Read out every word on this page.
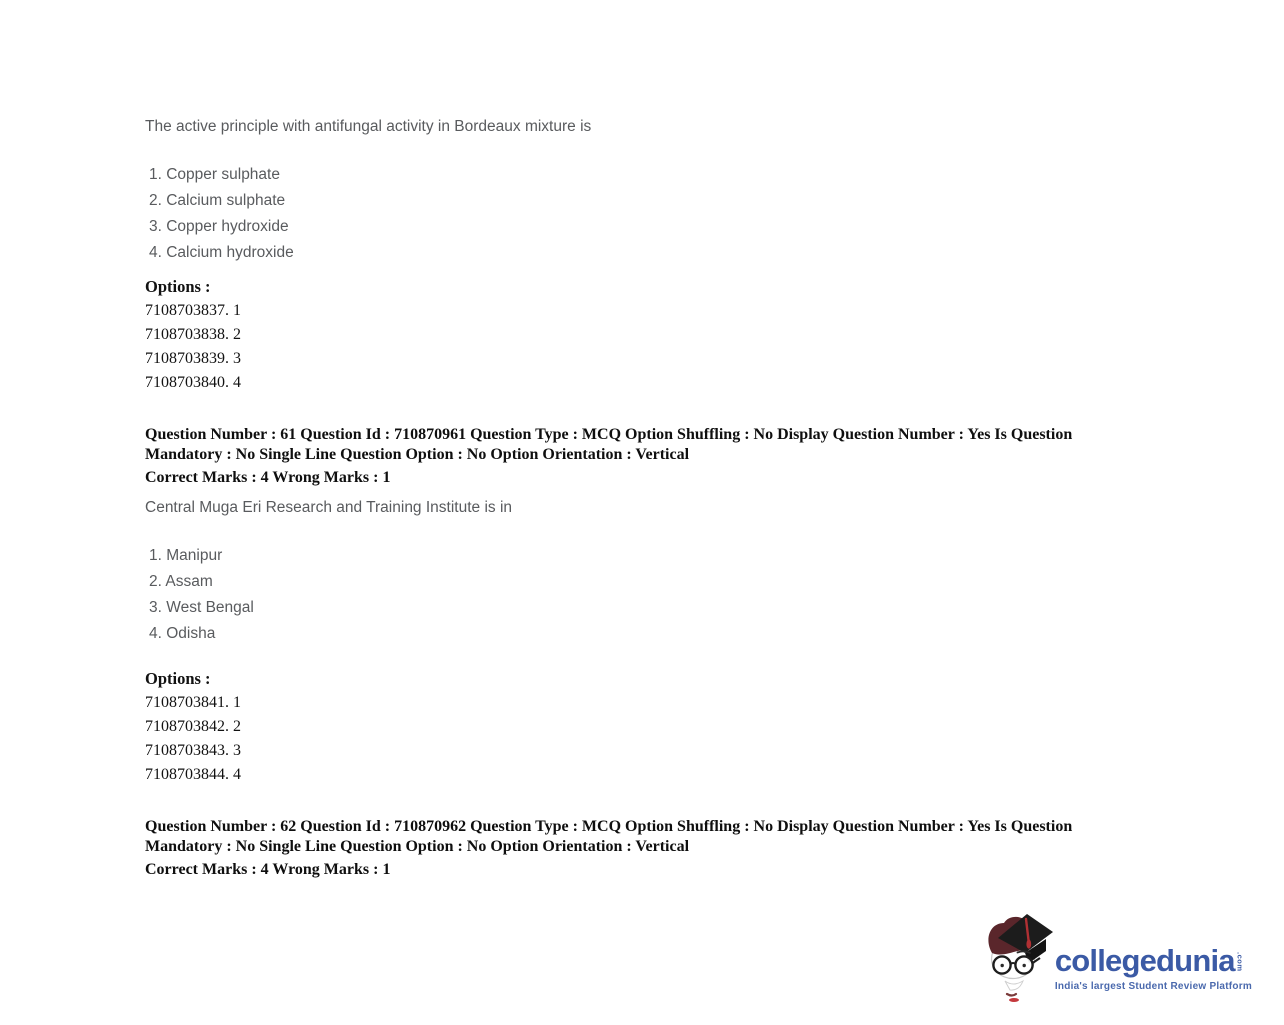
The active principle with antifungal activity in Bordeaux mixture is

1. Copper sulphate
2. Calcium sulphate
3. Copper hydroxide
4. Calcium hydroxide

Options :

7108703837. 1
7108703838. 2
7108703839. 3
7108703840. 4
Question Number : 61 Question Id : 710870961 Question Type : MCQ Option Shuffling : No Display Question Number : Yes Is Question
Mandatory : No Single Line Question Option : No Option Orientation : Vertical

Correct Marks : 4 Wrong Marks : 1

Central Muga Eri Research and Training Institute is in

1. Manipur
2. Assam
3. West Bengal
4. Odisha

Options :

7108703841. 1
7108703842. 2
7108703843. 3
7108703844. 4
Question Number : 62 Question Id : 710870962 Question Type : MCQ Option Shuffling : No Display Question Number : Yes Is Question
Mandatory : No Single Line Question Option : No Option Orientation : Vertical

Correct Marks : 4 Wrong Marks : 1

collegedunia .com
India's largest Student Review Platform
